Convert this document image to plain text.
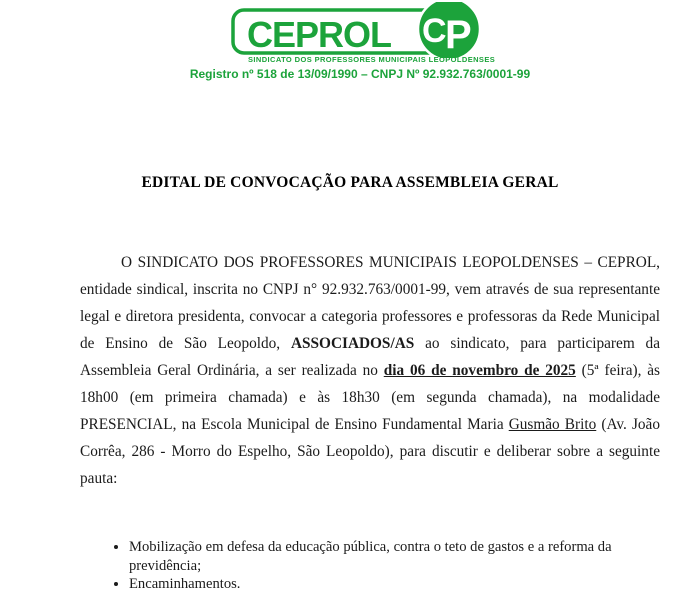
CEPROL C
P
SINDICATO DOS PROFESSORES MUNICIPAIS LEOPOLDENSES
Registro nº 518 de 13/09/1990 – CNPJ Nº 92.932.763/0001-99
EDITAL DE CONVOCAÇÃO PARA ASSEMBLEIA GERAL

O SINDICATO DOS PROFESSORES MUNICIPAIS LEOPOLDENSES – CEPROL, entidade sindical, inscrita no CNPJ n° 92.932.763/0001-99, vem através de sua representante legal e diretora presidenta, convocar a categoria professores e professoras da Rede Municipal de Ensino de São Leopoldo, ASSOCIADOS/AS ao sindicato, para participarem da Assembleia Geral Ordinária, a ser realizada no dia 06 de novembro de 2025 (5ª feira), às 18h00 (em primeira chamada) e às 18h30 (em segunda chamada), na modalidade PRESENCIAL, na Escola Municipal de Ensino Fundamental Maria Gusmão Brito (Av. João Corrêa, 286 - Morro do Espelho, São Leopoldo), para discutir e deliberar sobre a seguinte pauta:

• Mobilização em defesa da educação pública, contra o teto de gastos e a reforma da previdência;
• Encaminhamentos.
